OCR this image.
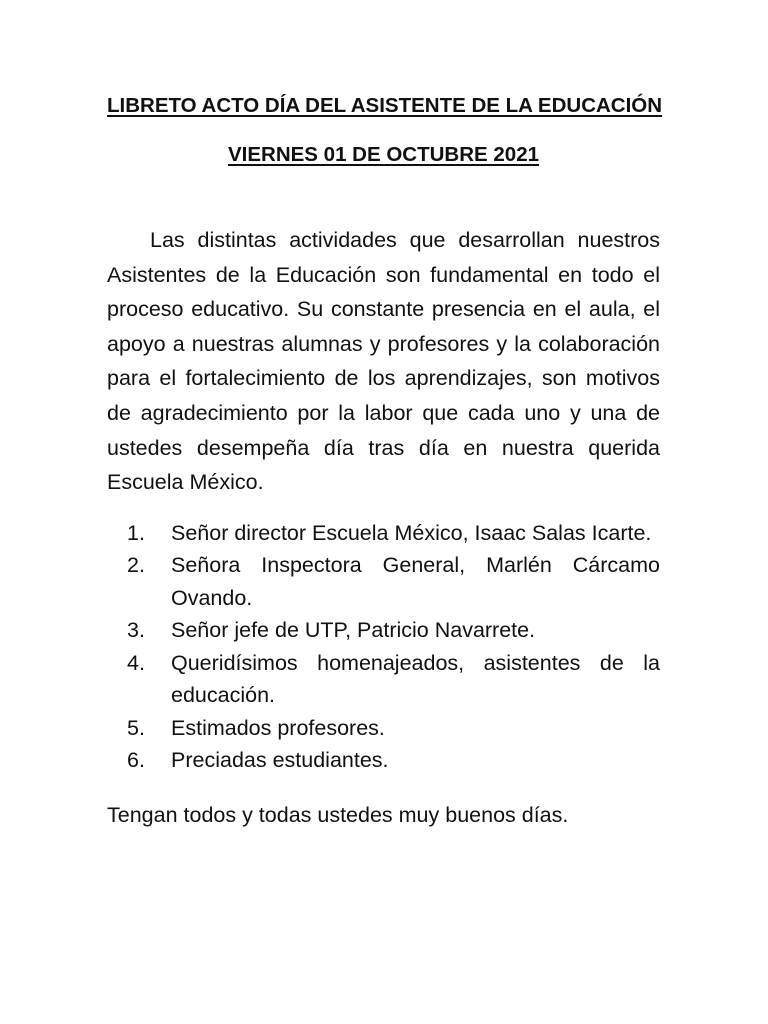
LIBRETO ACTO DÍA DEL ASISTENTE DE LA EDUCACIÓN
VIERNES 01 DE OCTUBRE 2021

Las distintas actividades que desarrollan nuestros Asistentes de la Educación son fundamental en todo el proceso educativo. Su constante presencia en el aula, el apoyo a nuestras alumnas y profesores y la colaboración para el fortalecimiento de los aprendizajes, son motivos de agradecimiento por la labor que cada uno y una de ustedes desempeña día tras día en nuestra querida Escuela México.

1.	Señor director Escuela México, Isaac Salas Icarte.
2.	Señora Inspectora General, Marlén Cárcamo Ovando.
3.	Señor jefe de UTP, Patricio Navarrete.
4.	Queridísimos homenajeados, asistentes de la educación.
5.	Estimados profesores.
6.	Preciadas estudiantes.

Tengan todos y todas ustedes muy buenos días.
